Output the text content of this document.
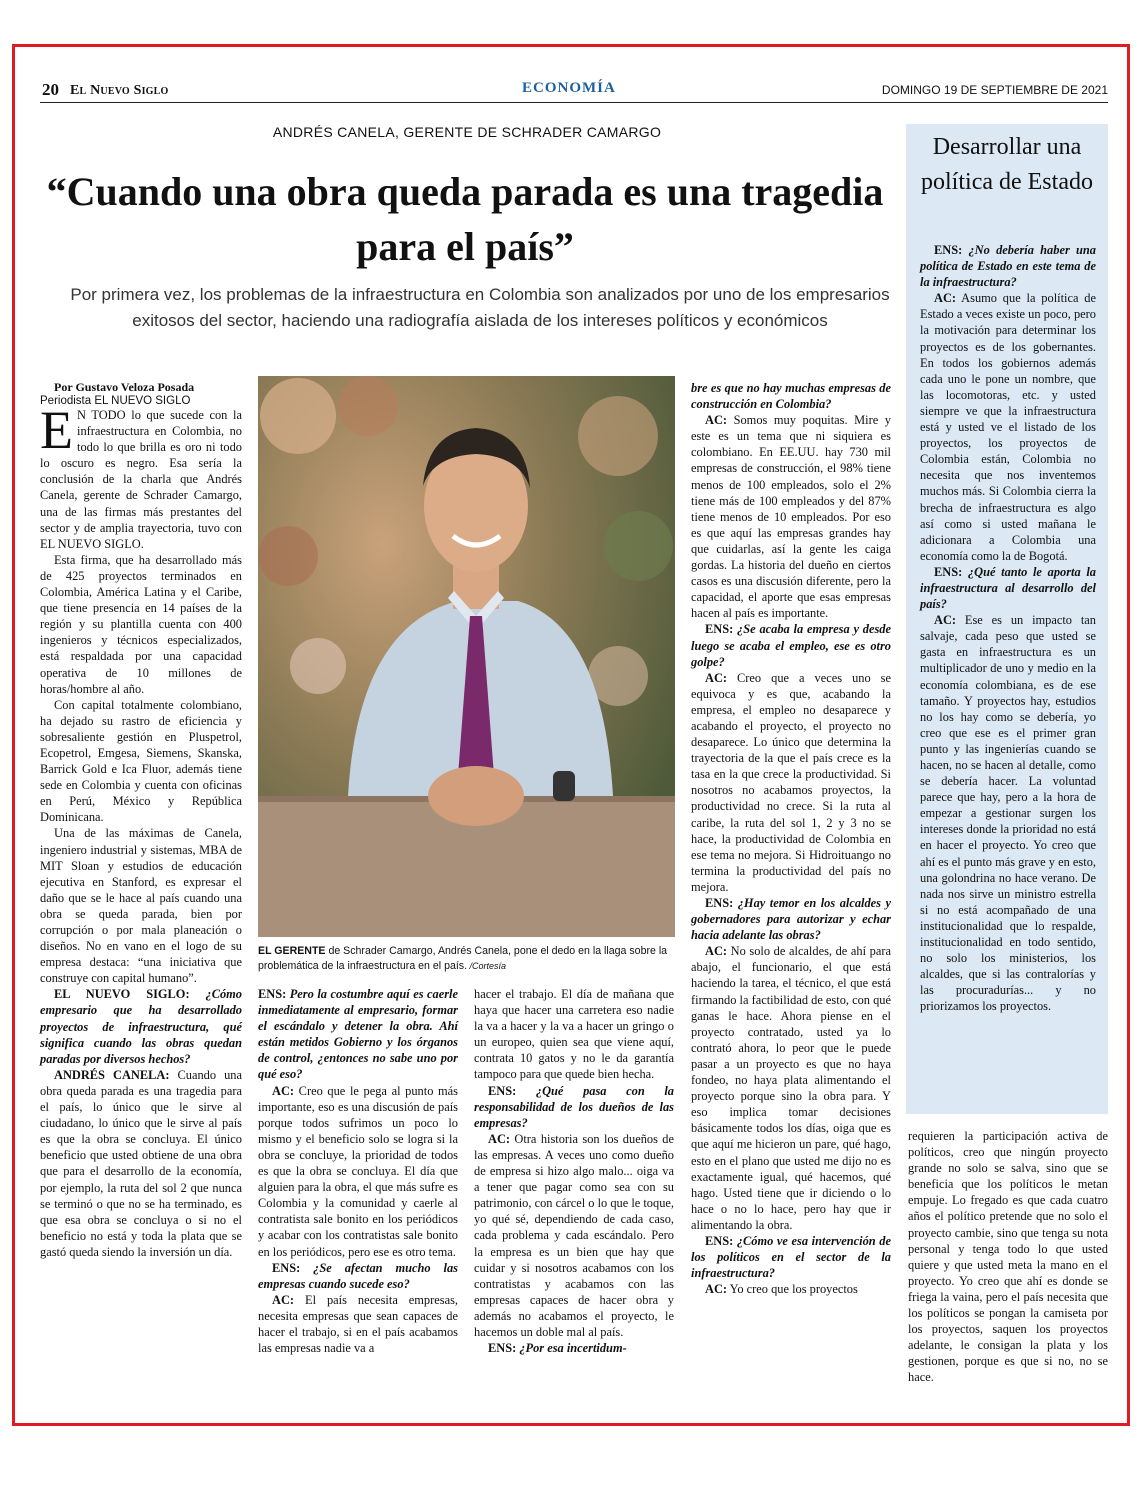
20 El Nuevo Siglo	ECONOMÍA	DOMINGO 19 DE SEPTIEMBRE DE 2021
ANDRÉS CANELA, GERENTE DE SCHRADER CAMARGO
“Cuando una obra queda parada es una tragedia para el país”

Por primera vez, los problemas de la infraestructura en Colombia son analizados por uno de los empresarios exitosos del sector, haciendo una radiografía aislada de los intereses políticos y económicos

Por Gustavo Veloza Posada

Periodista EL NUEVO SIGLO

E N TODO lo que sucede con la infraestructura en Colombia, no todo lo que brilla es oro ni todo lo oscuro es negro. Esa sería la conclusión de la charla que Andrés Canela, gerente de Schrader Camargo, una de las firmas más prestantes del sector y de amplia trayectoria, tuvo con EL NUEVO SIGLO.

Esta firma, que ha desarrollado más de 425 proyectos terminados en Colombia, América Latina y el Caribe, que tiene presencia en 14 países de la región y su plantilla cuenta con 400 ingenieros y técnicos especializados, está respaldada por una capacidad operativa de 10 millones de horas/hombre al año.

Con capital totalmente colombiano, ha dejado su rastro de eficiencia y sobresaliente gestión en Pluspetrol, Ecopetrol, Emgesa, Siemens, Skanska, Barrick Gold e Ica Fluor, además tiene sede en Colombia y cuenta con oficinas en Perú, México y República Dominicana.

Una de las máximas de Canela, ingeniero industrial y sistemas, MBA de MIT Sloan y estudios de educación ejecutiva en Stanford, es expresar el daño que se le hace al país cuando una obra se queda parada, bien por corrupción o por mala planeación o diseños. No en vano en el logo de su empresa destaca: “una iniciativa que construye con capital humano”.

EL NUEVO SIGLO: ¿Cómo empresario que ha desarrollado proyectos de infraestructura, qué significa cuando las obras quedan paradas por diversos hechos?

ANDRÉS CANELA: Cuando una obra queda parada es una tragedia para el país, lo único que le sirve al ciudadano, lo único que le sirve al país es que la obra se concluya. El único beneficio que usted obtiene de una obra que para el desarrollo de la economía, por ejemplo, la ruta del sol 2 que nunca se terminó o que no se ha terminado, es que esa obra se concluya o si no el beneficio no está y toda la plata que se gastó queda siendo la inversión un día.

EL GERENTE de Schrader Camargo, Andrés Canela, pone el dedo en la llaga sobre la problemática de la infraestructura en el país. /Cortesía

ENS: Pero la costumbre aquí es caerle inmediatamente al empresario, formar el escándalo y detener la obra. Ahí están metidos Gobierno y los órganos de control, ¿entonces no sabe uno por qué eso?

AC: Creo que le pega al punto más importante, eso es una discusión de país porque todos sufrimos un poco lo mismo y el beneficio solo se logra si la obra se concluye, la prioridad de todos es que la obra se concluya. El día que alguien para la obra, el que más sufre es Colombia y la comunidad y caerle al contratista sale bonito en los periódicos y acabar con los contratistas sale bonito en los periódicos, pero ese es otro tema.

ENS: ¿Se afectan mucho las empresas cuando sucede eso?

AC: El país necesita empresas, necesita empresas que sean capaces de hacer el trabajo, si en el país acabamos las empresas nadie va a

hacer el trabajo. El día de mañana que haya que hacer una carretera eso nadie la va a hacer y la va a hacer un gringo o un europeo, quien sea que viene aquí, contrata 10 gatos y no le da garantía tampoco para que quede bien hecha.

ENS: ¿Qué pasa con la responsabilidad de los dueños de las empresas?

AC: Otra historia son los dueños de las empresas. A veces uno como dueño de empresa si hizo algo malo... oiga va a tener que pagar como sea con su patrimonio, con cárcel o lo que le toque, yo qué sé, dependiendo de cada caso, cada problema y cada escándalo. Pero la empresa es un bien que hay que cuidar y si nosotros acabamos con los contratistas y acabamos con las empresas capaces de hacer obra y además no acabamos el proyecto, le hacemos un doble mal al país.

ENS: ¿Por esa incertidum-

bre es que no hay muchas empresas de construcción en Colombia?

AC: Somos muy poquitas. Mire y este es un tema que ni siquiera es colombiano. En EE.UU. hay 730 mil empresas de construcción, el 98% tiene menos de 100 empleados, solo el 2% tiene más de 100 empleados y del 87% tiene menos de 10 empleados. Por eso es que aquí las empresas grandes hay que cuidarlas, así la gente les caiga gordas. La historia del dueño en ciertos casos es una discusión diferente, pero la capacidad, el aporte que esas empresas hacen al país es importante.

ENS: ¿Se acaba la empresa y desde luego se acaba el empleo, ese es otro golpe?

AC: Creo que a veces uno se equivoca y es que, acabando la empresa, el empleo no desaparece y acabando el proyecto, el proyecto no desaparece. Lo único que determina la trayectoria de la que el país crece es la tasa en la que crece la productividad. Si nosotros no acabamos proyectos, la productividad no crece. Si la ruta al caribe, la ruta del sol 1, 2 y 3 no se hace, la productividad de Colombia en ese tema no mejora. Si Hidroituango no termina la productividad del país no mejora.

ENS: ¿Hay temor en los alcaldes y gobernadores para autorizar y echar hacia adelante las obras?

AC: No solo de alcaldes, de ahí para abajo, el funcionario, el que está haciendo la tarea, el técnico, el que está firmando la factibilidad de esto, con qué ganas le hace. Ahora piense en el proyecto contratado, usted ya lo contrató ahora, lo peor que le puede pasar a un proyecto es que no haya fondeo, no haya plata alimentando el proyecto porque sino la obra para. Y eso implica tomar decisiones básicamente todos los días, oiga que es que aquí me hicieron un pare, qué hago, esto en el plano que usted me dijo no es exactamente igual, qué hacemos, qué hago. Usted tiene que ir diciendo o lo hace o no lo hace, pero hay que ir alimentando la obra.

ENS: ¿Cómo ve esa intervención de los políticos en el sector de la infraestructura?

AC: Yo creo que los proyectos

Desarrollar una política de Estado

ENS: ¿No debería haber una política de Estado en este tema de la infraestructura?

AC: Asumo que la política de Estado a veces existe un poco, pero la motivación para determinar los proyectos es de los gobernantes. En todos los gobiernos además cada uno le pone un nombre, que las locomotoras, etc. y usted siempre ve que la infraestructura está y usted ve el listado de los proyectos, los proyectos de Colombia están, Colombia no necesita que nos inventemos muchos más. Si Colombia cierra la brecha de infraestructura es algo así como si usted mañana le adicionara a Colombia una economía como la de Bogotá.

ENS: ¿Qué tanto le aporta la infraestructura al desarrollo del país?

AC: Ese es un impacto tan salvaje, cada peso que usted se gasta en infraestructura es un multiplicador de uno y medio en la economía colombiana, es de ese tamaño. Y proyectos hay, estudios no los hay como se debería, yo creo que ese es el primer gran punto y las ingenierías cuando se hacen, no se hacen al detalle, como se debería hacer. La voluntad parece que hay, pero a la hora de empezar a gestionar surgen los intereses donde la prioridad no está en hacer el proyecto. Yo creo que ahí es el punto más grave y en esto, una golondrina no hace verano. De nada nos sirve un ministro estrella si no está acompañado de una institucionalidad que lo respalde, institucionalidad en todo sentido, no solo los ministerios, los alcaldes, que si las contralorías y las procuradurías... y no priorizamos los proyectos.

requieren la participación activa de políticos, creo que ningún proyecto grande no solo se salva, sino que se beneficia que los políticos le metan empuje. Lo fregado es que cada cuatro años el político pretende que no solo el proyecto cambie, sino que tenga su nota personal y tenga todo lo que usted quiere y que usted meta la mano en el proyecto. Yo creo que ahí es donde se friega la vaina, pero el país necesita que los políticos se pongan la camiseta por los proyectos, saquen los proyectos adelante, le consigan la plata y los gestionen, porque es que si no, no se hace.
